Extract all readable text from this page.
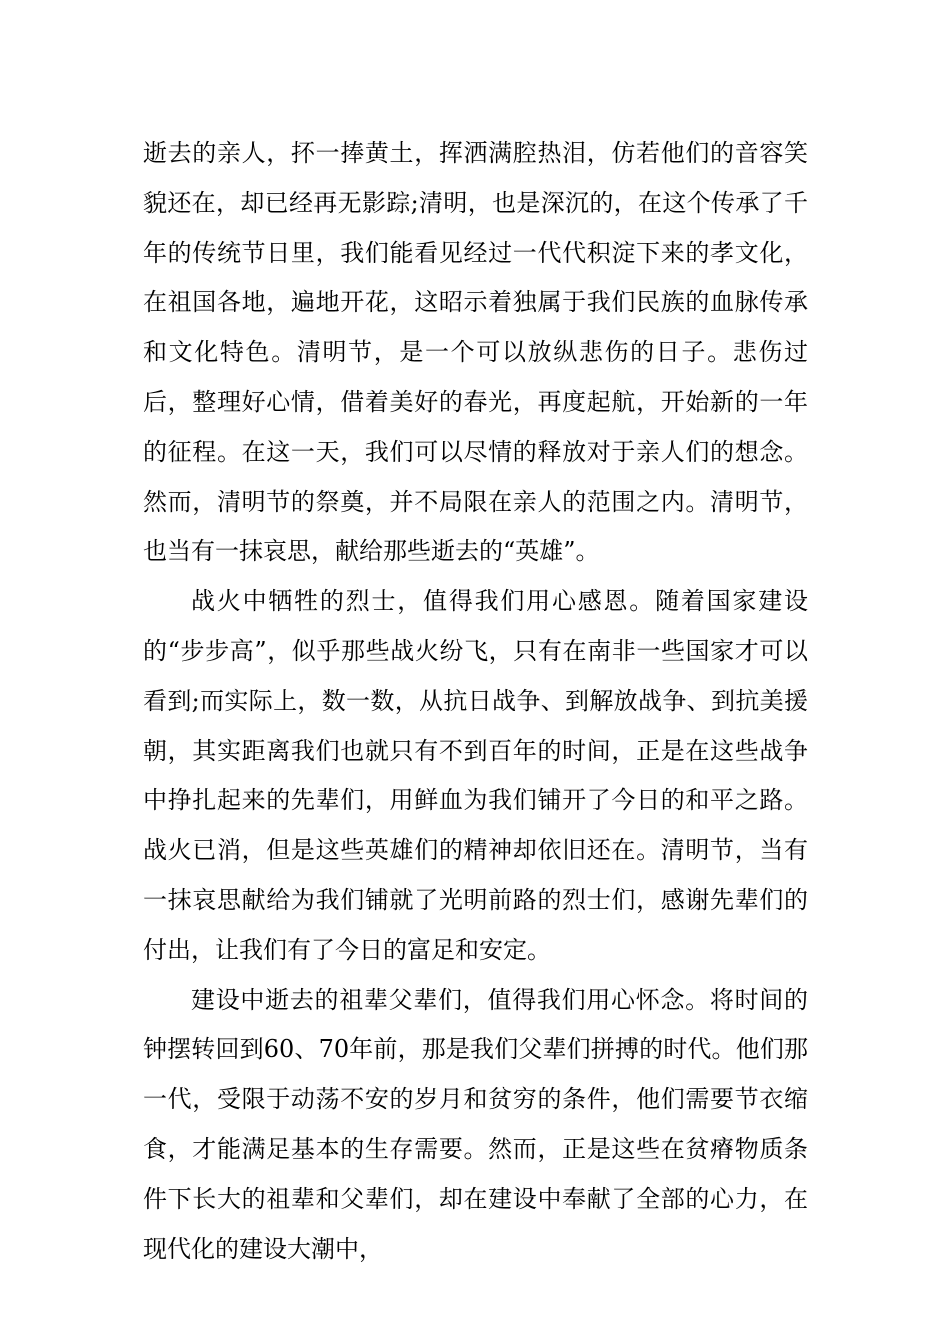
逝去的亲人，抔一捧黄土，挥洒满腔热泪，仿若他们的音容笑貌还在，却已经再无影踪;清明，也是深沉的，在这个传承了千年的传统节日里，我们能看见经过一代代积淀下来的孝文化，在祖国各地，遍地开花，这昭示着独属于我们民族的血脉传承和文化特色。清明节，是一个可以放纵悲伤的日子。悲伤过后，整理好心情，借着美好的春光，再度起航，开始新的一年的征程。在这一天，我们可以尽情的释放对于亲人们的想念。然而，清明节的祭奠，并不局限在亲人的范围之内。清明节，也当有一抹哀思，献给那些逝去的“英雄”。

战火中牺牲的烈士，值得我们用心感恩。随着国家建设的“步步高”，似乎那些战火纷飞，只有在南非一些国家才可以看到;而实际上，数一数，从抗日战争、到解放战争、到抗美援朝，其实距离我们也就只有不到百年的时间，正是在这些战争中挣扎起来的先辈们，用鲜血为我们铺开了今日的和平之路。战火已消，但是这些英雄们的精神却依旧还在。清明节，当有一抹哀思献给为我们铺就了光明前路的烈士们，感谢先辈们的付出，让我们有了今日的富足和安定。

建设中逝去的祖辈父辈们，值得我们用心怀念。将时间的钟摆转回到60、70年前，那是我们父辈们拼搏的时代。他们那一代，受限于动荡不安的岁月和贫穷的条件，他们需要节衣缩食，才能满足基本的生存需要。然而，正是这些在贫瘠物质条件下长大的祖辈和父辈们，却在建设中奉献了全部的心力，在现代化的建设大潮中，
